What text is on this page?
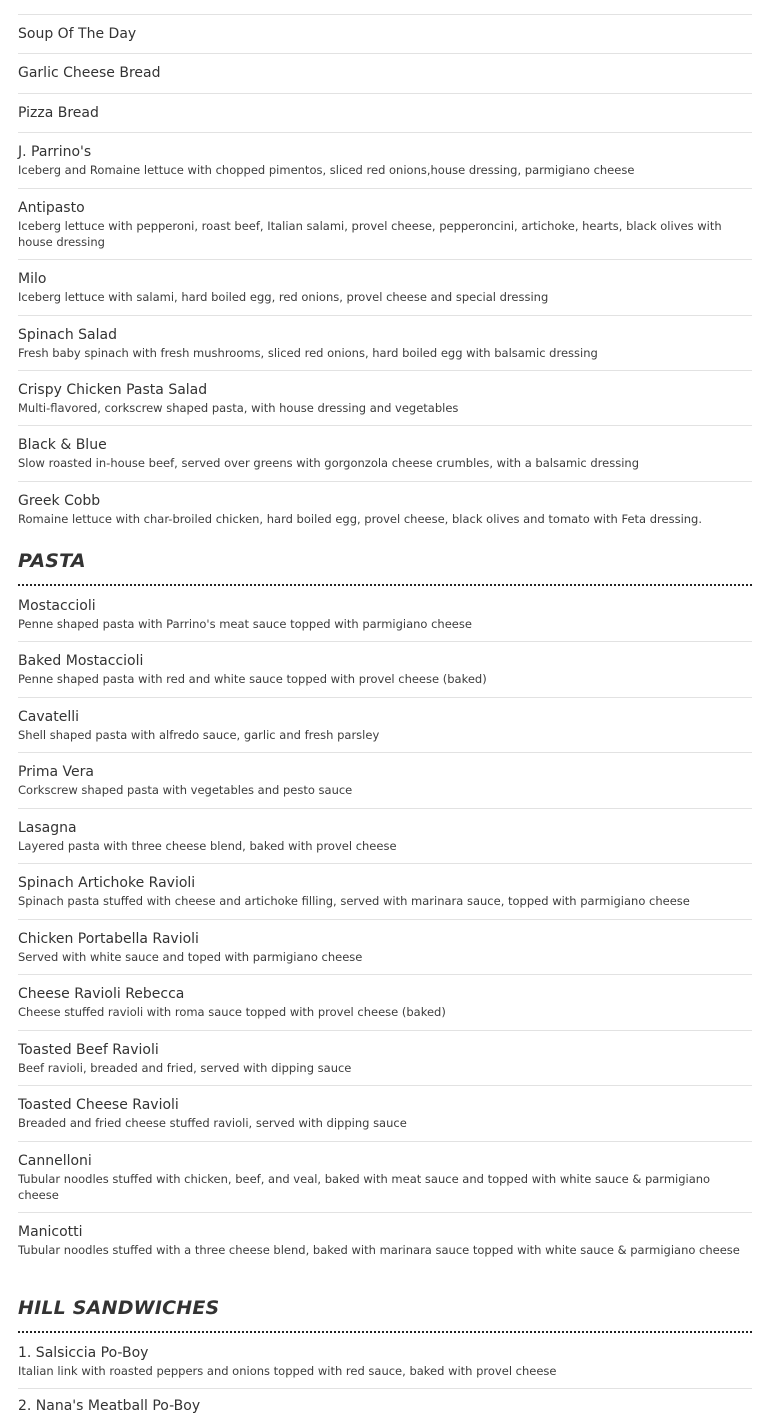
Soup Of The Day
Garlic Cheese Bread
Pizza Bread
J. Parrino's
Iceberg and Romaine lettuce with chopped pimentos, sliced red onions,house dressing, parmigiano cheese
Antipasto
Iceberg lettuce with pepperoni, roast beef, Italian salami, provel cheese, pepperoncini, artichoke, hearts, black olives with house dressing
Milo
Iceberg lettuce with salami, hard boiled egg, red onions, provel cheese and special dressing
Spinach Salad
Fresh baby spinach with fresh mushrooms, sliced red onions, hard boiled egg with balsamic dressing
Crispy Chicken Pasta Salad
Multi-flavored, corkscrew shaped pasta, with house dressing and vegetables
Black & Blue
Slow roasted in-house beef, served over greens with gorgonzola cheese crumbles, with a balsamic dressing
Greek Cobb
Romaine lettuce with char-broiled chicken, hard boiled egg, provel cheese, black olives and tomato with Feta dressing.
PASTA
Mostaccioli
Penne shaped pasta with Parrino's meat sauce topped with parmigiano cheese
Baked Mostaccioli
Penne shaped pasta with red and white sauce topped with provel cheese (baked)
Cavatelli
Shell shaped pasta with alfredo sauce, garlic and fresh parsley
Prima Vera
Corkscrew shaped pasta with vegetables and pesto sauce
Lasagna
Layered pasta with three cheese blend, baked with provel cheese
Spinach Artichoke Ravioli
Spinach pasta stuffed with cheese and artichoke filling, served with marinara sauce, topped with parmigiano cheese
Chicken Portabella Ravioli
Served with white sauce and toped with parmigiano cheese
Cheese Ravioli Rebecca
Cheese stuffed ravioli with roma sauce topped with provel cheese (baked)
Toasted Beef Ravioli
Beef ravioli, breaded and fried, served with dipping sauce
Toasted Cheese Ravioli
Breaded and fried cheese stuffed ravioli, served with dipping sauce
Cannelloni
Tubular noodles stuffed with chicken, beef, and veal, baked with meat sauce and topped with white sauce & parmigiano cheese
Manicotti
Tubular noodles stuffed with a three cheese blend, baked with marinara sauce topped with white sauce & parmigiano cheese
HILL SANDWICHES
1. Salsiccia Po-Boy
Italian link with roasted peppers and onions topped with red sauce, baked with provel cheese
2. Nana's Meatball Po-Boy
